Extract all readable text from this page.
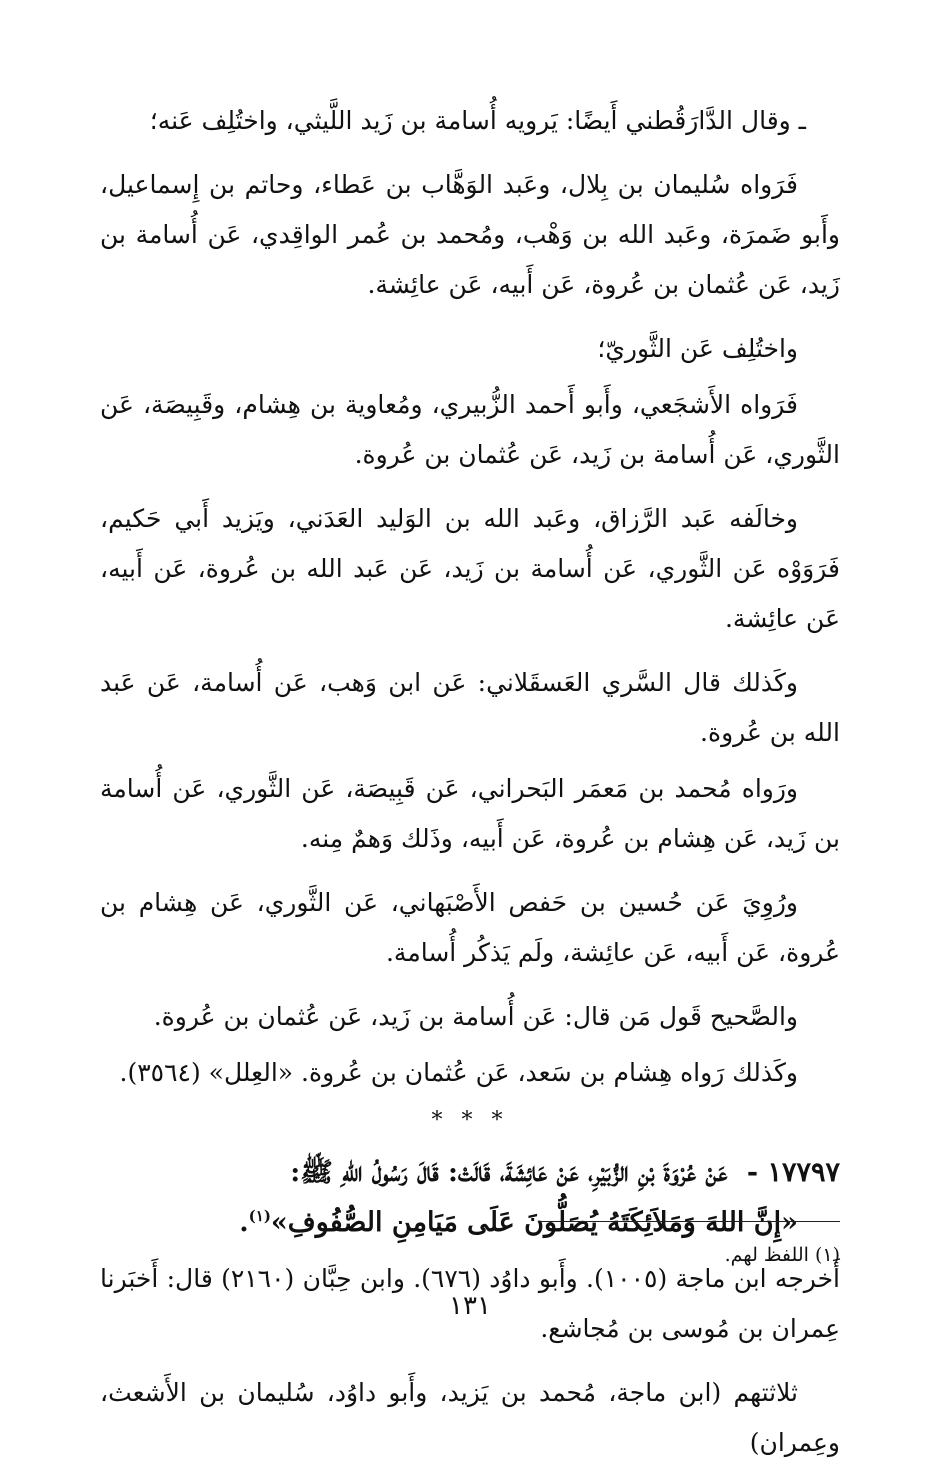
ـ وقال الدَّارَقُطني أَيضًا: يَرويه أُسامة بن زَيد اللَّيثي، واختُلِف عَنه؛

فَرَواه سُليمان بن بِلال، وعَبد الوَهَّاب بن عَطاء، وحاتم بن إِسماعيل، وأَبو ضَمرَة، وعَبد الله بن وَهْب، ومُحمد بن عُمر الواقِدي، عَن أُسامة بن زَيد، عَن عُثمان بن عُروة، عَن أَبيه، عَن عائِشة.

واختُلِف عَن الثَّوريّ؛

فَرَواه الأَشجَعي، وأَبو أَحمد الزُّبيري، ومُعاوية بن هِشام، وقَبِيصَة، عَن الثَّوري، عَن أُسامة بن زَيد، عَن عُثمان بن عُروة.

وخالَفه عَبد الرَّزاق، وعَبد الله بن الوَليد العَدَني، ويَزيد أَبي حَكيم، فَرَوَوْه عَن الثَّوري، عَن أُسامة بن زَيد، عَن عَبد الله بن عُروة، عَن أَبيه، عَن عائِشة.

وكَذلك قال السَّري العَسقَلاني: عَن ابن وَهب، عَن أُسامة، عَن عَبد الله بن عُروة.

ورَواه مُحمد بن مَعمَر البَحراني، عَن قَبِيصَة، عَن الثَّوري، عَن أُسامة بن زَيد، عَن هِشام بن عُروة، عَن أَبيه، وذَلك وَهمٌ مِنه.

ورُوِيَ عَن حُسين بن حَفص الأَصْبَهاني، عَن الثَّوري، عَن هِشام بن عُروة، عَن أَبيه، عَن عائِشة، ولَم يَذكُر أُسامة.

والصَّحيح قَول مَن قال: عَن أُسامة بن زَيد، عَن عُثمان بن عُروة.

وكَذلك رَواه هِشام بن سَعد، عَن عُثمان بن عُروة. «العِلل» (٣٥٦٤).

* * *
١٧٧٩٧ - عَنْ عُرْوَةَ بْنِ الزُّبَيْرِ، عَنْ عَائِشَةَ، قَالَتْ: قَالَ رَسُولُ اللهِ ﷺ:
«إِنَّ اللهَ وَمَلاَئِكَتَهُ يُصَلُّونَ عَلَى مَيَامِنِ الصُّفُوفِ»$^{(١)}$.

أَخرجه ابن ماجة (١٠٠٥). وأَبو داوُد (٦٧٦). وابن حِبَّان (٢١٦٠) قال: أَخبَرنا عِمران بن مُوسى بن مُجاشع.

ثلاثتهم (ابن ماجة، مُحمد بن يَزيد، وأَبو داوُد، سُليمان بن الأَشعث، وعِمران)

(١) اللفظ لهم.
١٣١
